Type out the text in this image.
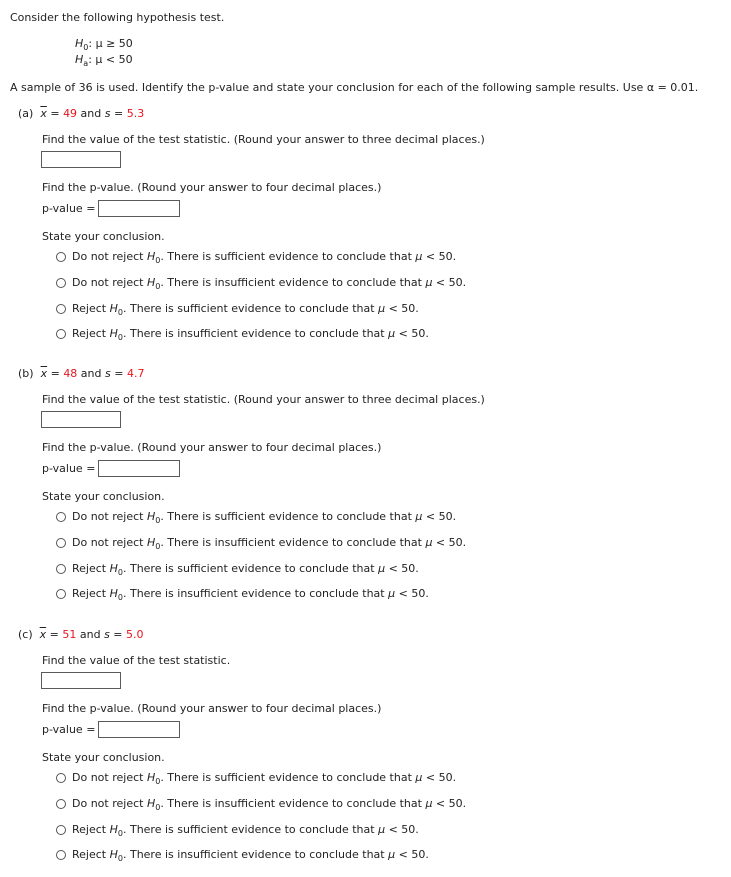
Consider the following hypothesis test.
$H_0$: μ ≥ 50
$H_a$: μ < 50
A sample of 36 is used. Identify the p-value and state your conclusion for each of the following sample results. Use α = 0.01.
(a) $\overline{x} = 49$ and s = 5.3
Find the value of the test statistic. (Round your answer to three decimal places.)
Find the p-value. (Round your answer to four decimal places.)
p-value =
State your conclusion.
Do not reject $H_0$. There is sufficient evidence to conclude that μ < 50.
Do not reject $H_0$. There is insufficient evidence to conclude that μ < 50.
Reject $H_0$. There is sufficient evidence to conclude that μ < 50.
Reject $H_0$. There is insufficient evidence to conclude that μ < 50.
(b) $\overline{x} = 48$ and s = 4.7
Find the value of the test statistic. (Round your answer to three decimal places.)
Find the p-value. (Round your answer to four decimal places.)
p-value =
State your conclusion.
Do not reject $H_0$. There is sufficient evidence to conclude that μ < 50.
Do not reject $H_0$. There is insufficient evidence to conclude that μ < 50.
Reject $H_0$. There is sufficient evidence to conclude that μ < 50.
Reject $H_0$. There is insufficient evidence to conclude that μ < 50.
(c) $\overline{x} = 51$ and s = 5.0
Find the value of the test statistic.
Find the p-value. (Round your answer to four decimal places.)
p-value =
State your conclusion.
Do not reject $H_0$. There is sufficient evidence to conclude that μ < 50.
Do not reject $H_0$. There is insufficient evidence to conclude that μ < 50.
Reject $H_0$. There is sufficient evidence to conclude that μ < 50.
Reject $H_0$. There is insufficient evidence to conclude that μ < 50.
